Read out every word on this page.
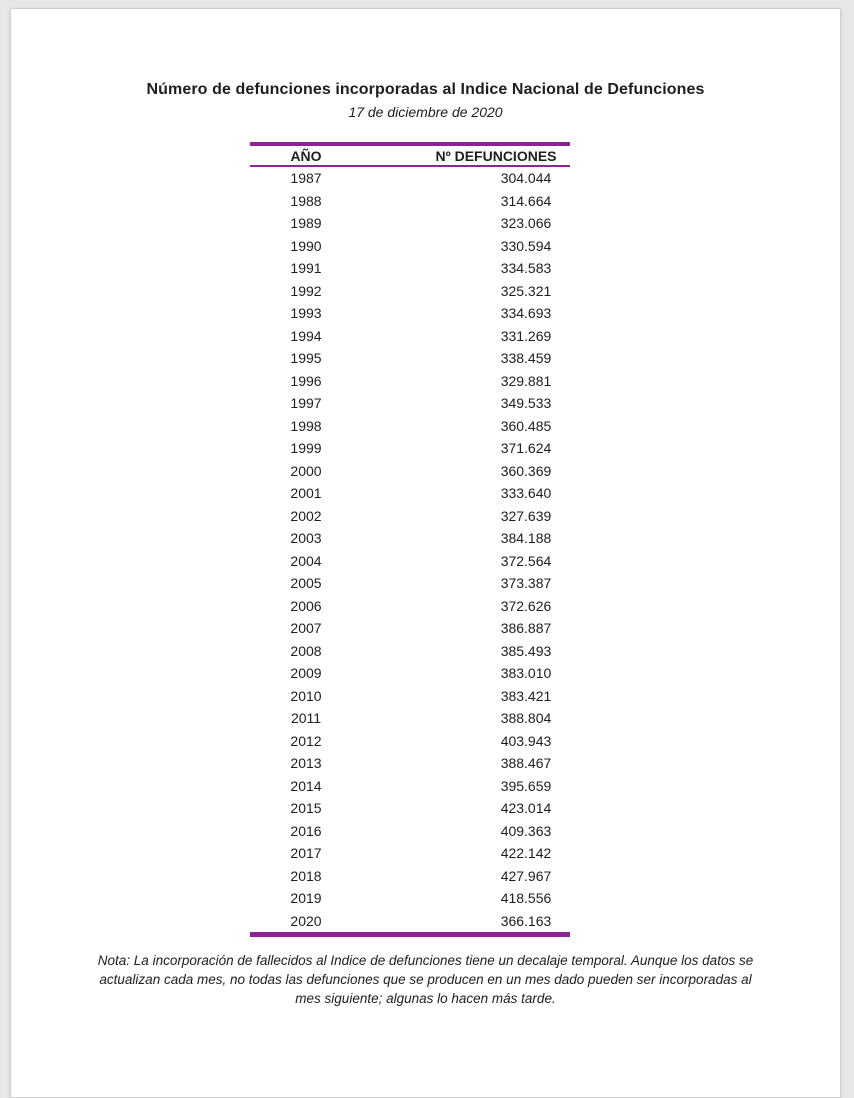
Número de defunciones incorporadas al Indice Nacional de Defunciones
17 de diciembre de 2020
AÑO	Nº DEFUNCIONES
1987	304.044
1988	314.664
1989	323.066
1990	330.594
1991	334.583
1992	325.321
1993	334.693
1994	331.269
1995	338.459
1996	329.881
1997	349.533
1998	360.485
1999	371.624
2000	360.369
2001	333.640
2002	327.639
2003	384.188
2004	372.564
2005	373.387
2006	372.626
2007	386.887
2008	385.493
2009	383.010
2010	383.421
2011	388.804
2012	403.943
2013	388.467
2014	395.659
2015	423.014
2016	409.363
2017	422.142
2018	427.967
2019	418.556
2020	366.163
Nota: La incorporación de fallecidos al Indice de defunciones tiene un decalaje temporal. Aunque los datos se actualizan cada mes, no todas las defunciones que se producen en un mes dado pueden ser incorporadas al mes siguiente; algunas lo hacen más tarde.
